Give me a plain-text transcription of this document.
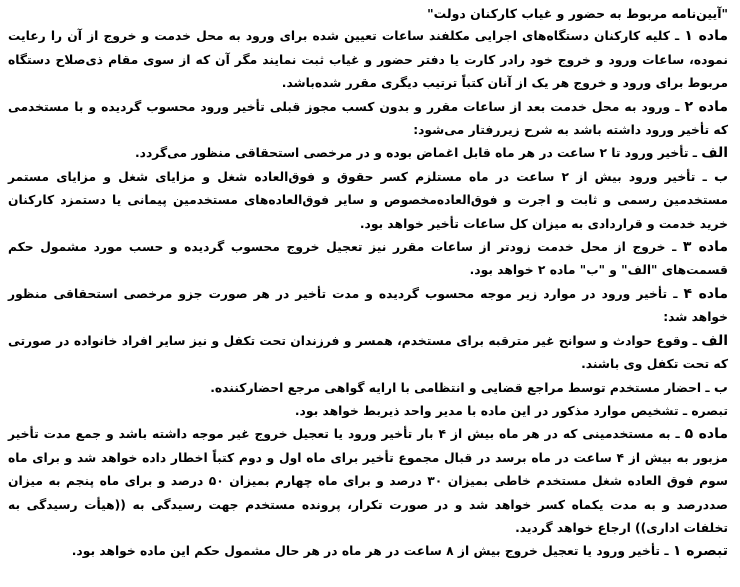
"آیین‌نامه مربوط به حضور و غیاب کارکنان دولت"

ماده ۱ ـ کلیه کارکنان دستگاه‌های اجرایی مکلفند ساعات تعیین شده برای ورود به محل خدمت و خروج از آن را رعایت نموده، ساعات ورود و خروج خود رادر کارت یا دفتر حضور و غیاب ثبت نمایند مگر آن که از سوی مقام ذی‌صلاح دستگاه مربوط برای ورود و خروج هر یک از آنان کتباً ترتیب دیگری مقرر شده‌باشد.

ماده ۲ ـ ورود به محل خدمت بعد از ساعات مقرر و بدون کسب مجوز قبلی تأخیر ورود محسوب گردیده و با مستخدمی که تأخیر ورود داشته باشد به شرح زیررفتار می‌شود:

الف ـ تأخیر ورود تا ۲ ساعت در هر ماه قابل اغماض بوده و در مرخصی استحقاقی منظور می‌گردد.

ب ـ تأخیر ورود بیش از ۲ ساعت در ماه مستلزم کسر حقوق و فوق‌العاده شغل و مزایای شغل و مزایای مستمر مستخدمین رسمی و ثابت و اجرت و فوق‌العاده‌مخصوص و سایر فوق‌العاده‌های مستخدمین پیمانی یا دستمزد کارکنان خرید خدمت و قراردادی به میزان کل ساعات تأخیر خواهد بود.

ماده ۳ ـ خروج از محل خدمت زودتر از ساعات مقرر نیز تعجیل خروج محسوب گردیده و حسب مورد مشمول حکم قسمت‌های "الف" و "ب" ماده ۲ خواهد بود.

ماده ۴ ـ تأخیر ورود در موارد زیر موجه محسوب گردیده و مدت تأخیر در هر صورت جزو مرخصی استحقاقی منظور خواهد شد:

الف ـ وقوع حوادث و سوانح غیر مترقبه برای مستخدم، همسر و فرزندان تحت تکفل و نیز سایر افراد خانواده در صورتی که تحت تکفل وی باشند.

ب ـ احضار مستخدم توسط مراجع قضایی و انتظامی با ارایه گواهی مرجع احضارکننده.

تبصره ـ تشخیص موارد مذکور در این ماده با مدیر واحد ذیربط خواهد بود.

ماده ۵ ـ به مستخدمینی که در هر ماه بیش از ۴ بار تأخیر ورود یا تعجیل خروج غیر موجه داشته باشد و جمع مدت تأخیر مزبور به بیش از ۴ ساعت در ماه برسد در قبال مجموع تأخیر برای ماه اول و دوم کتباً اخطار داده خواهد شد و برای ماه سوم فوق العاده شغل مستخدم خاطی بمیزان ۳۰ درصد و برای ماه چهارم بمیزان ۵۰ درصد و برای ماه پنجم به میزان صددرصد و به مدت یکماه کسر خواهد شد و در صورت تکرار، پرونده مستخدم جهت رسیدگی به ((هیأت رسیدگی به تخلفات اداری)) ارجاع خواهد گردید.

تبصره ۱ ـ تأخیر ورود یا تعجیل خروج بیش از ۸ ساعت در هر ماه در هر حال مشمول حکم این ماده خواهد بود.
